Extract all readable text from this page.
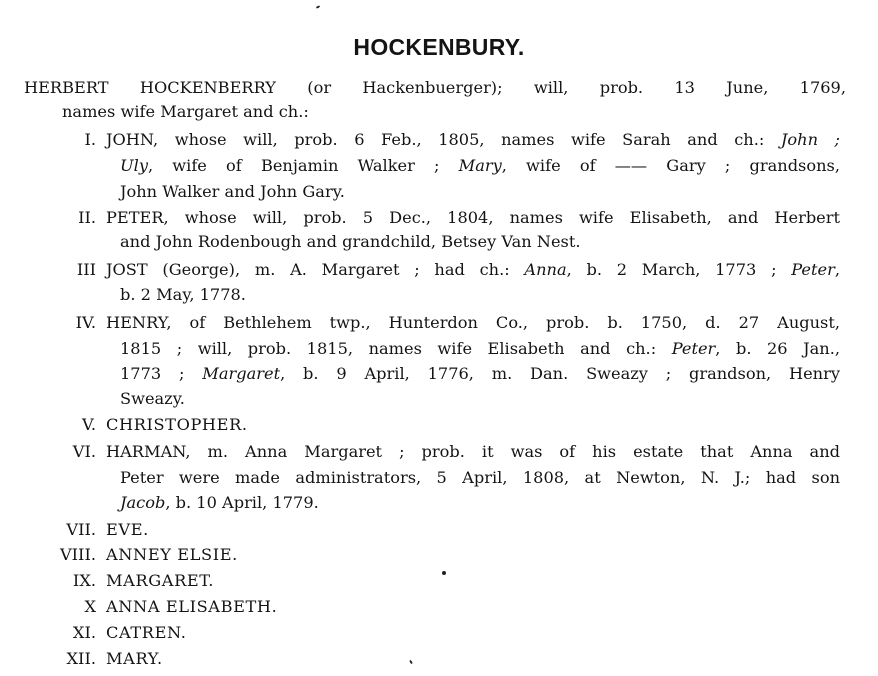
HOCKENBURY.
HERBERT HOCKENBERRY (or Hackenbuerger); will, prob. 13 June, 1769,
names wife Margaret and ch.:
I. JOHN, whose will, prob. 6 Feb., 1805, names wife Sarah and ch.: John ;
Uly, wife of Benjamin Walker ; Mary, wife of —— Gary ; grandsons,
John Walker and John Gary.
II. PETER, whose will, prob. 5 Dec., 1804, names wife Elisabeth, and Herbert
and John Rodenbough and grandchild, Betsey Van Nest.
III JOST (George), m. A. Margaret ; had ch.: Anna, b. 2 March, 1773 ; Peter,
b. 2 May, 1778.
IV. HENRY, of Bethlehem twp., Hunterdon Co., prob. b. 1750, d. 27 August,
1815 ; will, prob. 1815, names wife Elisabeth and ch.: Peter, b. 26 Jan.,
1773 ; Margaret, b. 9 April, 1776, m. Dan. Sweazy ; grandson, Henry
Sweazy.
V. CHRISTOPHER.
VI. HARMAN, m. Anna Margaret ; prob. it was of his estate that Anna and
Peter were made administrators, 5 April, 1808, at Newton, N. J.; had son
Jacob, b. 10 April, 1779.
VII. EVE.
VIII. ANNEY ELSIE.
IX. MARGARET.
X ANNA ELISABETH.
XI. CATREN.
XII. MARY.
